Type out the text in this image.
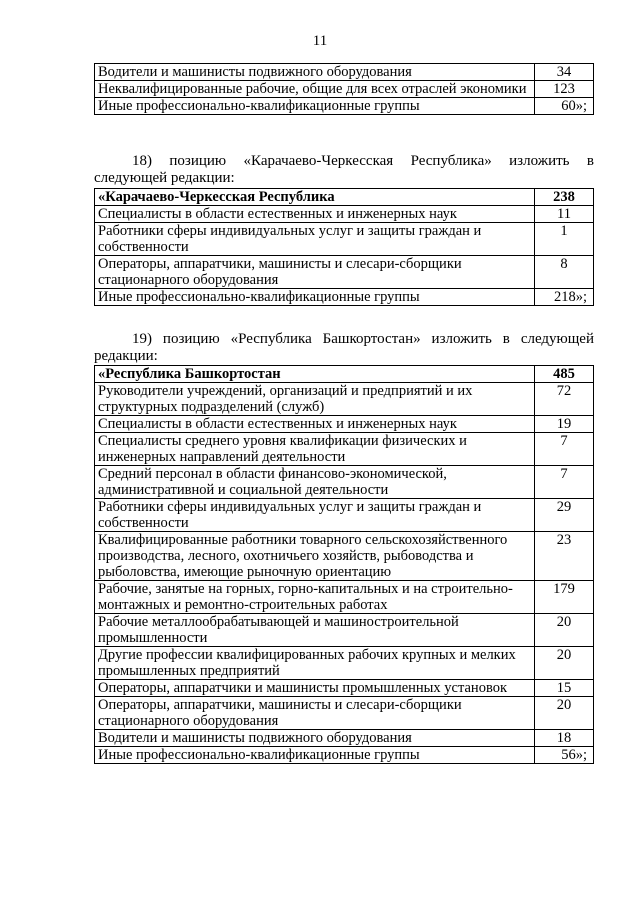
11
Водители и машинисты подвижного оборудования	34
Неквалифицированные рабочие, общие для всех отраслей экономики	123
Иные профессионально-квалификационные группы	60»;
18) позицию «Карачаево-Черкесская Республика» изложить в следующей редакции:
«Карачаево-Черкесская Республика	238
Специалисты в области естественных и инженерных наук	11
Работники сферы индивидуальных услуг и защиты граждан и собственности	1
Операторы, аппаратчики, машинисты и слесари-сборщики стационарного оборудования	8
Иные профессионально-квалификационные группы	218»;
19) позицию «Республика Башкортостан» изложить в следующей редакции:
«Республика Башкортостан	485
Руководители учреждений, организаций и предприятий и их структурных подразделений (служб)	72
Специалисты в области естественных и инженерных наук	19
Специалисты среднего уровня квалификации физических и инженерных направлений деятельности	7
Средний персонал в области финансово-экономической, административной и социальной деятельности	7
Работники сферы индивидуальных услуг и защиты граждан и собственности	29
Квалифицированные работники товарного сельскохозяйственного производства, лесного, охотничьего хозяйств, рыбоводства и рыболовства, имеющие рыночную ориентацию	23
Рабочие, занятые на горных, горно-капитальных и на строительно-монтажных и ремонтно-строительных работах	179
Рабочие металлообрабатывающей и машиностроительной промышленности	20
Другие профессии квалифицированных рабочих крупных и мелких промышленных предприятий	20
Операторы, аппаратчики и машинисты промышленных установок	15
Операторы, аппаратчики, машинисты и слесари-сборщики стационарного оборудования	20
Водители и машинисты подвижного оборудования	18
Иные профессионально-квалификационные группы	56»;
